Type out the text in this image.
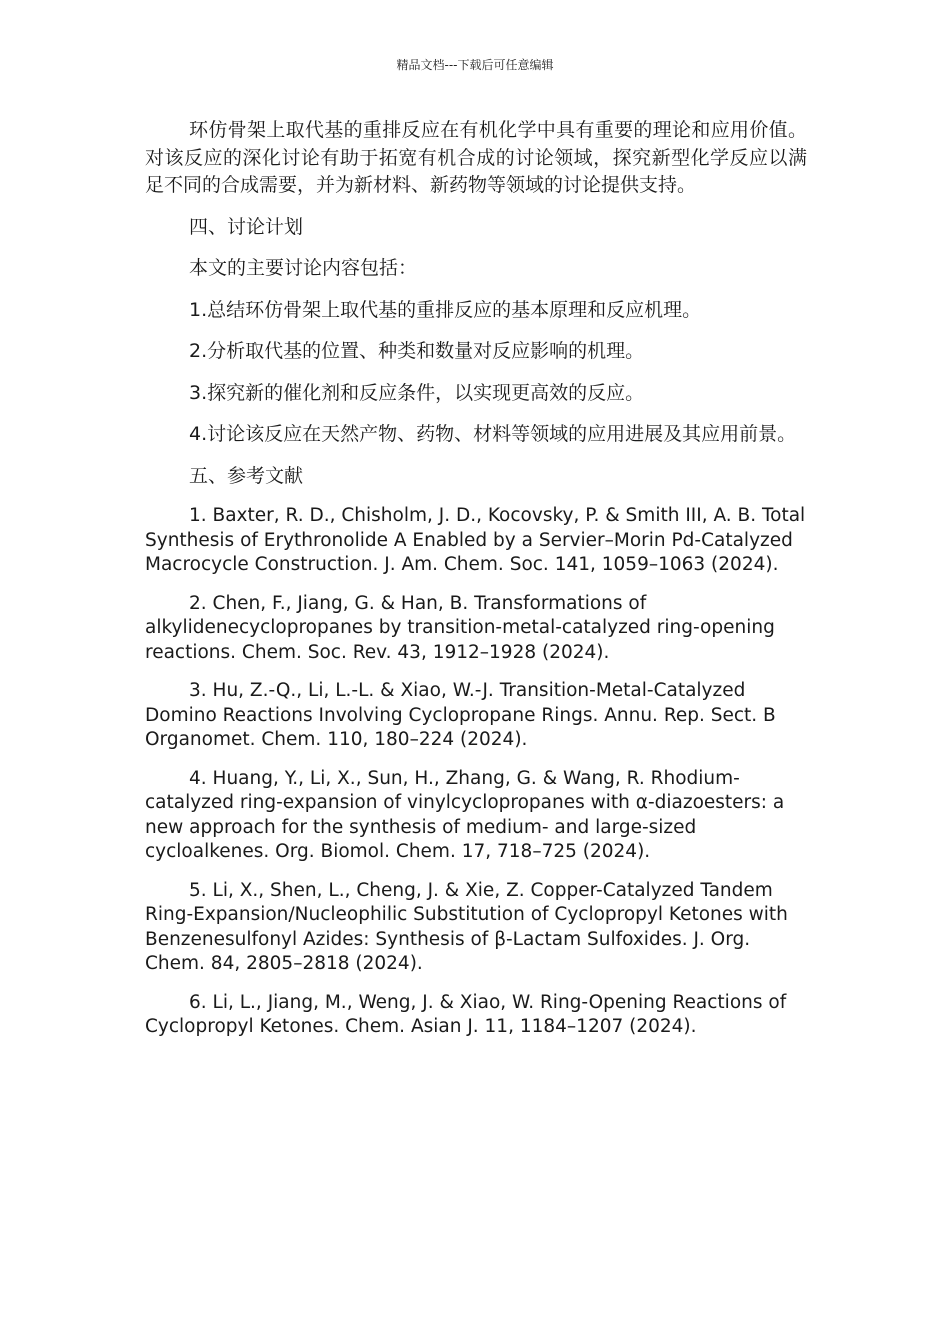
精品文档---下载后可任意编辑

环仿骨架上取代基的重排反应在有机化学中具有重要的理论和应用价值。对该反应的深化讨论有助于拓宽有机合成的讨论领域，探究新型化学反应以满足不同的合成需要，并为新材料、新药物等领域的讨论提供支持。

四、讨论计划

本文的主要讨论内容包括：

1.总结环仿骨架上取代基的重排反应的基本原理和反应机理。

2.分析取代基的位置、种类和数量对反应影响的机理。

3.探究新的催化剂和反应条件，以实现更高效的反应。

4.讨论该反应在天然产物、药物、材料等领域的应用进展及其应用前景。

五、参考文献

1. Baxter, R. D., Chisholm, J. D., Kocovsky, P. & Smith III, A. B. Total Synthesis of Erythronolide A Enabled by a Servier–Morin Pd-Catalyzed Macrocycle Construction. J. Am. Chem. Soc. 141, 1059–1063 (2024).

2. Chen, F., Jiang, G. & Han, B. Transformations of alkylidenecyclopropanes by transition-metal-catalyzed ring-opening reactions. Chem. Soc. Rev. 43, 1912–1928 (2024).

3. Hu, Z.-Q., Li, L.-L. & Xiao, W.-J. Transition-Metal-Catalyzed Domino Reactions Involving Cyclopropane Rings. Annu. Rep. Sect. B Organomet. Chem. 110, 180–224 (2024).

4. Huang, Y., Li, X., Sun, H., Zhang, G. & Wang, R. Rhodium-catalyzed ring-expansion of vinylcyclopropanes with α-diazoesters: a new approach for the synthesis of medium- and large-sized cycloalkenes. Org. Biomol. Chem. 17, 718–725 (2024).

5. Li, X., Shen, L., Cheng, J. & Xie, Z. Copper-Catalyzed Tandem Ring-Expansion/Nucleophilic Substitution of Cyclopropyl Ketones with Benzenesulfonyl Azides: Synthesis of β-Lactam Sulfoxides. J. Org. Chem. 84, 2805–2818 (2024).

6. Li, L., Jiang, M., Weng, J. & Xiao, W. Ring-Opening Reactions of Cyclopropyl Ketones. Chem. Asian J. 11, 1184–1207 (2024).
